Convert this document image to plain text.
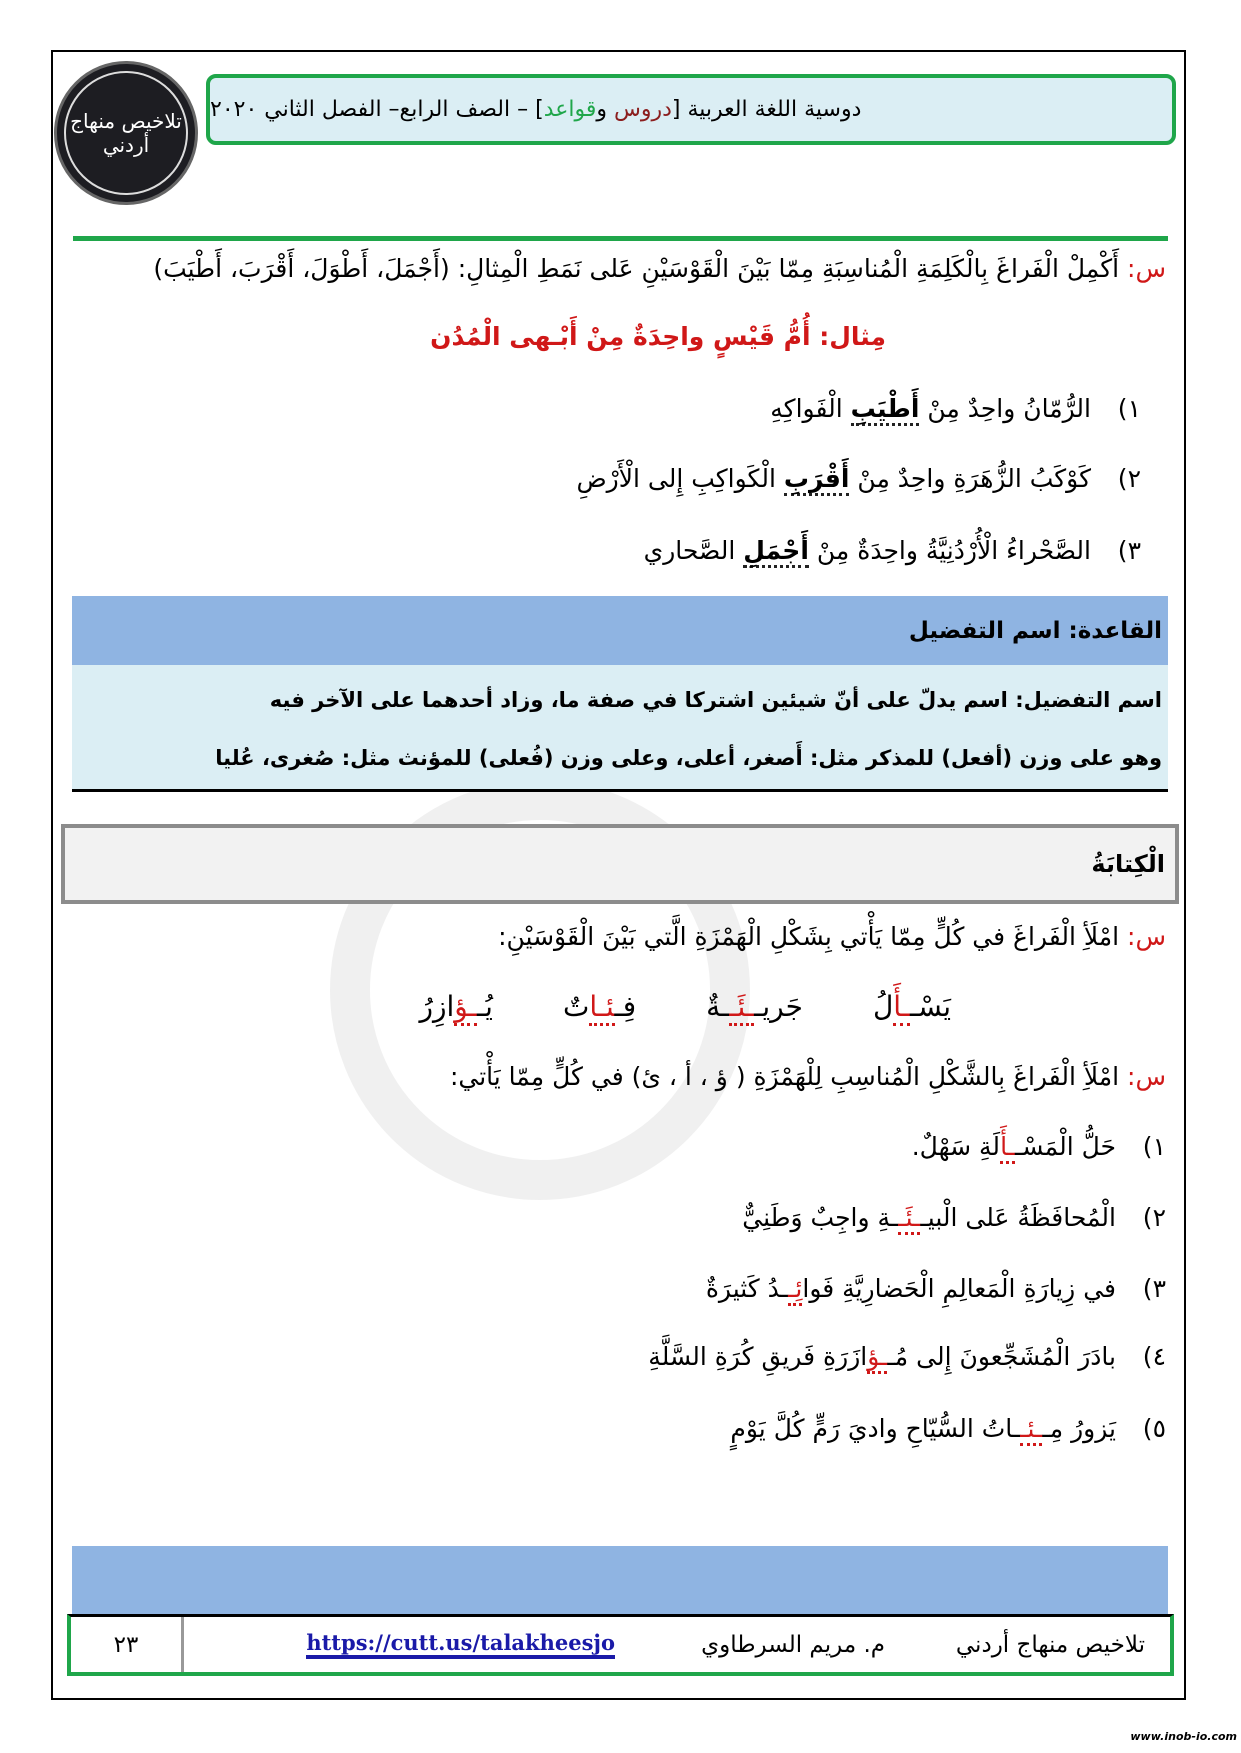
تلاخيص منهاج أردني
دوسية اللغة العربية [دروس وقواعد] – الصف الرابع– الفصل الثاني ٢٠٢٠
س: أَكْمِلْ الْفَراغَ بِالْكَلِمَةِ الْمُناسِبَةِ مِمّا بَيْنَ الْقَوْسَيْنِ عَلى نَمَطِ الْمِثالِ: (أَجْمَلَ، أَطْوَلَ، أَقْرَبَ، أَطْيَبَ)
مِثال: أُمُّ قَيْسٍ واحِدَةٌ مِنْ أَبْـهى الْمُدُن
١)الرُّمّانُ واحِدٌ مِنْ أَطْيَبِ الْفَواكِهِ
٢)كَوْكَبُ الزُّهَرَةِ واحِدٌ مِنْ أَقْرَبِ الْكَواكِبِ إِلى الْأَرْضِ
٣)الصَّحْراءُ الْأُرْدُنِيَّةُ واحِدَةٌ مِنْ أَجْمَلِ الصَّحاري
القاعدة: اسم التفضيل
اسم التفضيل: اسم يدلّ على أنّ شيئين اشتركا في صفة ما، وزاد أحدهما على الآخر فيه
وهو على وزن (أفعل) للمذكر مثل: أَصغر، أعلى، وعلى وزن (فُعلى) للمؤنث مثل: صُغرى، عُليا
الْكِتابَةُ
س: امْلَأِ الْفَراغَ في كُلٍّ مِمّا يَأْتي بِشَكْلِ الْهَمْزَةِ الَّتي بَيْنَ الْقَوْسَيْنِ:
يَسْــأَلُ
جَريــئَــةٌ
فِـئـاتٌ
يُــؤازِرُ
س: امْلَأِ الْفَراغَ بِالشَّكْلِ الْمُناسِبِ لِلْهَمْزَةِ ( ؤ ، أ ، ئ) في كُلٍّ مِمّا يَأْتي:
١)حَلُّ الْمَسْــأَلَةِ سَهْلٌ.
٢)الْمُحافَظَةُ عَلى الْبيــئَــةِ واجِبٌ وَطَنِيٌّ
٣)في زِيارَةِ الْمَعالِمِ الْحَضارِيَّةِ فَوائِــدُ كَثيرَةٌ
٤)بادَرَ الْمُشَجِّعونَ إِلى مُــؤازَرَةِ فَريقِ كُرَةِ السَّلَّةِ
٥)يَزورُ مِــئــاتُ السُّيّاحِ واديَ رَمٍّ كُلَّ يَوْمٍ
تلاخيص منهاج أردني
م. مريم السرطاوي
https://cutt.us/talakheesjo
٢٣
www.inob-io.com
